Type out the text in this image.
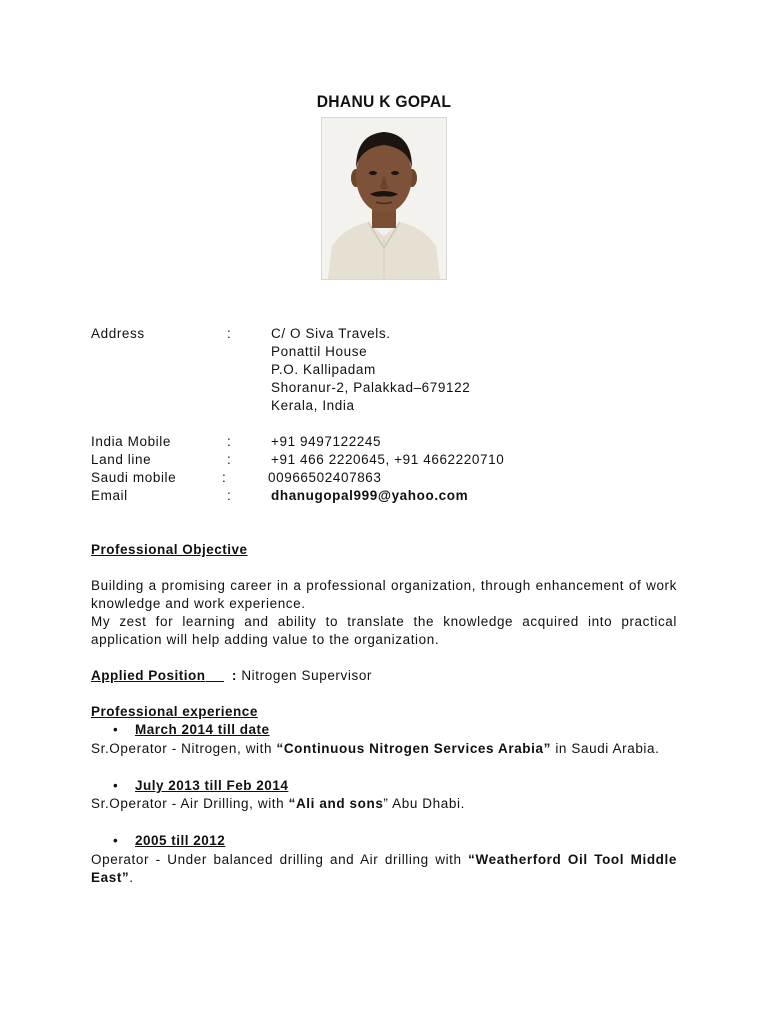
DHANU K GOPAL
Address	:	C/ O Siva Travels.
Ponattil House
P.O. Kallipadam
Shoranur-2, Palakkad–679122
Kerala, India
India Mobile	:	+91 9497122245
Land line	:	+91 466 2220645, +91 4662220710
Saudi mobile	:	00966502407863
Email	:	dhanugopal999@yahoo.com
Professional Objective
Building a promising career in a professional organization, through enhancement of work knowledge and work experience.
My zest for learning and ability to translate the knowledge acquired into practical application will help adding value to the organization.
Applied Position : Nitrogen Supervisor
Professional experience
• March 2014 till date
Sr.Operator - Nitrogen, with “Continuous Nitrogen Services Arabia” in Saudi Arabia.
• July 2013 till Feb 2014
Sr.Operator - Air Drilling, with “Ali and sons” Abu Dhabi.
• 2005 till 2012
Operator - Under balanced drilling and Air drilling with “Weatherford Oil Tool Middle East”.
